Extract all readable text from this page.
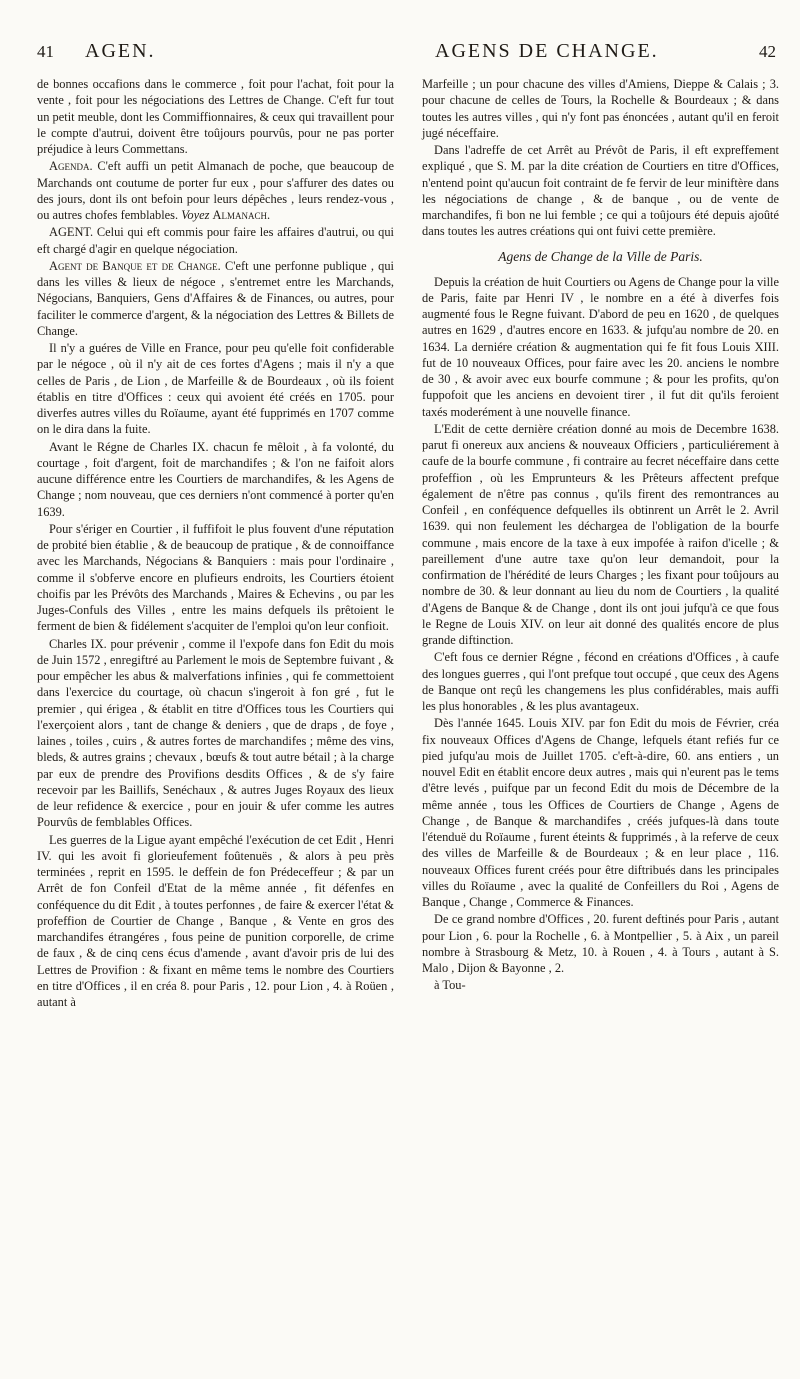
41 AGEN.	AGENS DE CHANGE.	42

de bonnes occafions dans le commerce , foit pour l'achat, foit pour la vente , foit pour les négociations des Lettres de Change. C'eft fur tout un petit meuble, dont les Commiffionnaires, & ceux qui travaillent pour le compte d'autrui, doivent être toûjours pourvûs, pour ne pas porter préjudice à leurs Commettans.

Agenda. C'eft auffi un petit Almanach de poche, que beaucoup de Marchands ont coutume de porter fur eux , pour s'affurer des dates ou des jours, dont ils ont befoin pour leurs dépêches , leurs rendez-vous , ou autres chofes femblables. Voyez Almanach.

AGENT. Celui qui eft commis pour faire les affaires d'autrui, ou qui eft chargé d'agir en quelque négociation.

Agent de Banque et de Change. C'eft une perfonne publique , qui dans les villes & lieux de négoce , s'entremet entre les Marchands, Négocians, Banquiers, Gens d'Affaires & de Finances, ou autres, pour faciliter le commerce d'argent, & la négociation des Lettres & Billets de Change.

Il n'y a guéres de Ville en France, pour peu qu'elle foit confiderable par le négoce , où il n'y ait de ces fortes d'Agens ; mais il n'y a que celles de Paris , de Lion , de Marfeille & de Bourdeaux , où ils foient établis en titre d'Offices : ceux qui avoient été créés en 1705. pour diverfes autres villes du Roïaume, ayant été fupprimés en 1707 comme on le dira dans la fuite.

Avant le Régne de Charles IX. chacun fe mêloit , à fa volonté, du courtage , foit d'argent, foit de marchandifes ; & l'on ne faifoit alors aucune différence entre les Courtiers de marchandifes, & les Agens de Change ; nom nouveau, que ces derniers n'ont commencé à porter qu'en 1639.

Pour s'ériger en Courtier , il fuffifoit le plus fouvent d'une réputation de probité bien établie , & de beaucoup de pratique , & de connoiffance avec les Marchands, Négocians & Banquiers : mais pour l'ordinaire , comme il s'obferve encore en plufieurs endroits, les Courtiers étoient choifis par les Prévôts des Marchands , Maires & Echevins , ou par les Juges-Confuls des Villes , entre les mains defquels ils prêtoient le ferment de bien & fidélement s'acquiter de l'emploi qu'on leur confioit.

Charles IX. pour prévenir , comme il l'expofe dans fon Edit du mois de Juin 1572 , enregiftré au Parlement le mois de Septembre fuivant , & pour empêcher les abus & malverfations infinies , qui fe commettoient dans l'exercice du courtage, où chacun s'ingeroit à fon gré , fut le premier , qui érigea , & établit en titre d'Offices tous les Courtiers qui l'exerçoient alors , tant de change & deniers , que de draps , de foye , laines , toiles , cuirs , & autres fortes de marchandifes ; même des vins, bleds, & autres grains ; chevaux , bœufs & tout autre bétail ; à la charge par eux de prendre des Provifions desdits Offices , & de s'y faire recevoir par les Baillifs, Senéchaux , & autres Juges Royaux des lieux de leur refidence & exercice , pour en jouir & ufer comme les autres Pourvûs de femblables Offices.

Les guerres de la Ligue ayant empêché l'exécution de cet Edit , Henri IV. qui les avoit fi glorieufement foûtenuës , & alors à peu près terminées , reprit en 1595. le deffein de fon Prédeceffeur ; & par un Arrêt de fon Confeil d'Etat de la même année , fit défenfes en conféquence du dit Edit , à toutes perfonnes , de faire & exercer l'état & profeffion de Courtier de Change , Banque , & Vente en gros des marchandifes étrangéres , fous peine de punition corporelle, de crime de faux , & de cinq cens écus d'amende , avant d'avoir pris de lui des Lettres de Provifion : & fixant en même tems le nombre des Courtiers en titre d'Offices , il en créa 8. pour Paris , 12. pour Lion , 4. à Roüen , autant à

Marfeille ; un pour chacune des villes d'Amiens, Dieppe & Calais ; 3. pour chacune de celles de Tours, la Rochelle & Bourdeaux ; & dans toutes les autres villes , qui n'y font pas énoncées , autant qu'il en feroit jugé néceffaire.

Dans l'adreffe de cet Arrêt au Prévôt de Paris, il eft expreffement expliqué , que S. M. par la dite création de Courtiers en titre d'Offices, n'entend point qu'aucun foit contraint de fe fervir de leur miniftère dans les négociations de change , & de banque , ou de vente de marchandifes, fi bon ne lui femble ; ce qui a toûjours été depuis ajoûté dans toutes les autres créations qui ont fuivi cette première.

Agens de Change de la Ville de Paris.

Depuis la création de huit Courtiers ou Agens de Change pour la ville de Paris, faite par Henri IV , le nombre en a été à diverfes fois augmenté fous le Regne fuivant. D'abord de peu en 1620 , de quelques autres en 1629 , d'autres encore en 1633. & jufqu'au nombre de 20. en 1634. La derniére création & augmentation qui fe fit fous Louis XIII. fut de 10 nouveaux Offices, pour faire avec les 20. anciens le nombre de 30 , & avoir avec eux bourfe commune ; & pour les profits, qu'on fuppofoit que les anciens en devoient tirer , il fut dit qu'ils feroient taxés moderément à une nouvelle finance.

L'Edit de cette dernière création donné au mois de Decembre 1638. parut fi onereux aux anciens & nouveaux Officiers , particuliérement à caufe de la bourfe commune , fi contraire au fecret néceffaire dans cette profeffion , où les Emprunteurs & les Prêteurs affectent prefque également de n'être pas connus , qu'ils firent des remontrances au Confeil , en conféquence defquelles ils obtinrent un Arrêt le 2. Avril 1639. qui non feulement les déchargea de l'obligation de la bourfe commune , mais encore de la taxe à eux impofée à raifon d'icelle ; & pareillement d'une autre taxe qu'on leur demandoit, pour la confirmation de l'hérédité de leurs Charges ; les fixant pour toûjours au nombre de 30. & leur donnant au lieu du nom de Courtiers , la qualité d'Agens de Banque & de Change , dont ils ont joui jufqu'à ce que fous le Regne de Louis XIV. on leur ait donné des qualités encore de plus grande diftinction.

C'eft fous ce dernier Régne , fécond en créations d'Offices , à caufe des longues guerres , qui l'ont prefque tout occupé , que ceux des Agens de Banque ont reçû les changemens les plus confidérables, mais auffi les plus honorables , & les plus avantageux.

Dès l'année 1645. Louis XIV. par fon Edit du mois de Février, créa fix nouveaux Offices d'Agens de Change, lefquels étant refiés fur ce pied jufqu'au mois de Juillet 1705. c'eft-à-dire, 60. ans entiers , un nouvel Edit en établit encore deux autres , mais qui n'eurent pas le tems d'être levés , puifque par un fecond Edit du mois de Décembre de la même année , tous les Offices de Courtiers de Change , Agens de Change , de Banque & marchandifes , créés jufques-là dans toute l'étenduë du Roïaume , furent éteints & fupprimés , à la referve de ceux des villes de Marfeille & de Bourdeaux ; & en leur place , 116. nouveaux Offices furent créés pour être diftribués dans les principales villes du Roïaume , avec la qualité de Confeillers du Roi , Agens de Banque , Change , Commerce & Finances.

De ce grand nombre d'Offices , 20. furent deftinés pour Paris , autant pour Lion , 6. pour la Rochelle , 6. à Montpellier , 5. à Aix , un pareil nombre à Strasbourg & Metz, 10. à Rouen , 4. à Tours , autant à S. Malo , Dijon & Bayonne , 2.

à Tou-
